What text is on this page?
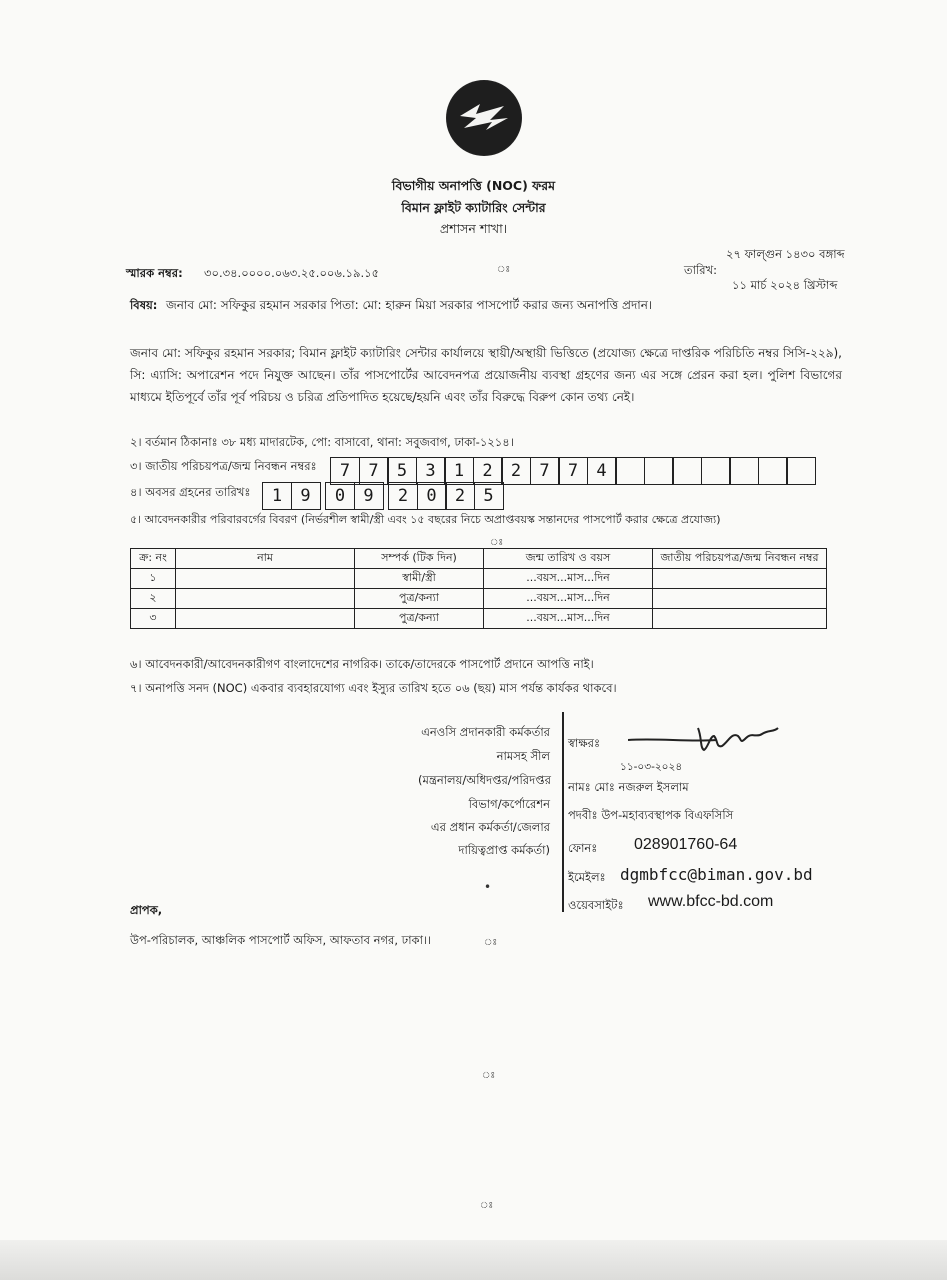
বিভাগীয় অনাপত্তি (NOC) ফরম
বিমান ফ্লাইট ক্যাটারিং সেন্টার
প্রশাসন শাখা।
স্মারক নম্বর: ৩০.৩৪.০০০০.০৬৩.২৫.০০৬.১৯.১৫
২৭ ফাল্গুন ১৪৩০ বঙ্গাব্দ
তারিখ:
১১ মার্চ ২০২৪ খ্রিস্টাব্দ
ঃ
বিষয়: জনাব মো: সফিকুর রহমান সরকার পিতা: মো: হারুন মিয়া সরকার পাসপোর্ট করার জন্য অনাপত্তি প্রদান।
জনাব মো: সফিকুর রহমান সরকার; বিমান ফ্লাইট ক্যাটারিং সেন্টার কার্যালয়ে স্থায়ী/অস্থায়ী ভিত্তিতে (প্রযোজ্য ক্ষেত্রে দাপ্তরিক পরিচিতি নম্বর সিসি-২২৯), সি: এ্যাসি: অপারেশন পদে নিযুক্ত আছেন। তাঁর পাসপোর্টের আবেদনপত্র প্রয়োজনীয় ব্যবস্থা গ্রহণের জন্য এর সঙ্গে প্রেরন করা হল। পুলিশ বিভাগের মাধ্যমে ইতিপূর্বে তাঁর পূর্ব পরিচয় ও চরিত্র প্রতিপাদিত হয়েছে/হয়নি এবং তাঁর বিরুদ্ধে বিরুপ কোন তথ্য নেই।
২। বর্তমান ঠিকানাঃ ৩৮ মধ্য মাদারটেক, পো: বাসাবো, থানা: সবুজবাগ, ঢাকা-১২১৪।
৩। জাতীয় পরিচয়পত্র/জন্ম নিবন্ধন নম্বরঃ	7	7	5	3	1	2	2	7	7	4
৪। অবসর গ্রহনের তারিখঃ	1	9	0	9	2	0	2	5
৫। আবেদনকারীর পরিবারবর্গের বিবরণ (নির্ভরশীল স্বামী/স্ত্রী এবং ১৫ বছরের নিচে অপ্রাপ্তবয়স্ক সন্তানদের পাসপোর্ট করার ক্ষেত্রে প্রযোজ্য)
ঃ
ক্র: নং	নাম	সম্পর্ক (টিক দিন)	জন্ম তারিখ ও বয়স	জাতীয় পরিচয়পত্র/জন্ম নিবন্ধন নম্বর
১		স্বামী/স্ত্রী	...বয়স...মাস...দিন	
২		পুত্র/কন্যা	...বয়স...মাস...দিন	
৩		পুত্র/কন্যা	...বয়স...মাস...দিন	
৬। আবেদনকারী/আবেদনকারীগণ বাংলাদেশের নাগরিক। তাকে/তাদেরকে পাসপোর্ট প্রদানে আপত্তি নাই।
৭। অনাপত্তি সনদ (NOC) একবার ব্যবহারযোগ্য এবং ইস্যুর তারিখ হতে ০৬ (ছয়) মাস পর্যন্ত কার্যকর থাকবে।
এনওসি প্রদানকারী কর্মকর্তার
নামসহ সীল
(মন্ত্রনালয়/অধিদপ্তর/পরিদপ্তর
বিভাগ/কর্পোরেশন
এর প্রধান কর্মকর্তা/জেলার
দায়িত্বপ্রাপ্ত কর্মকর্তা)
•
স্বাক্ষরঃ
১১-০৩-২০২৪
নামঃ মোঃ নজরুল ইসলাম
পদবীঃ উপ-মহাব্যবস্থাপক বিএফসিসি
ফোনঃ 028901760-64
ইমেইলঃ dgmbfcc@biman.gov.bd
ওয়েবসাইটঃ www.bfcc-bd.com
প্রাপক,
উপ-পরিচালক, আঞ্চলিক পাসপোর্ট অফিস, আফতাব নগর, ঢাকা।।	ঃ
ঃ
ঃ
